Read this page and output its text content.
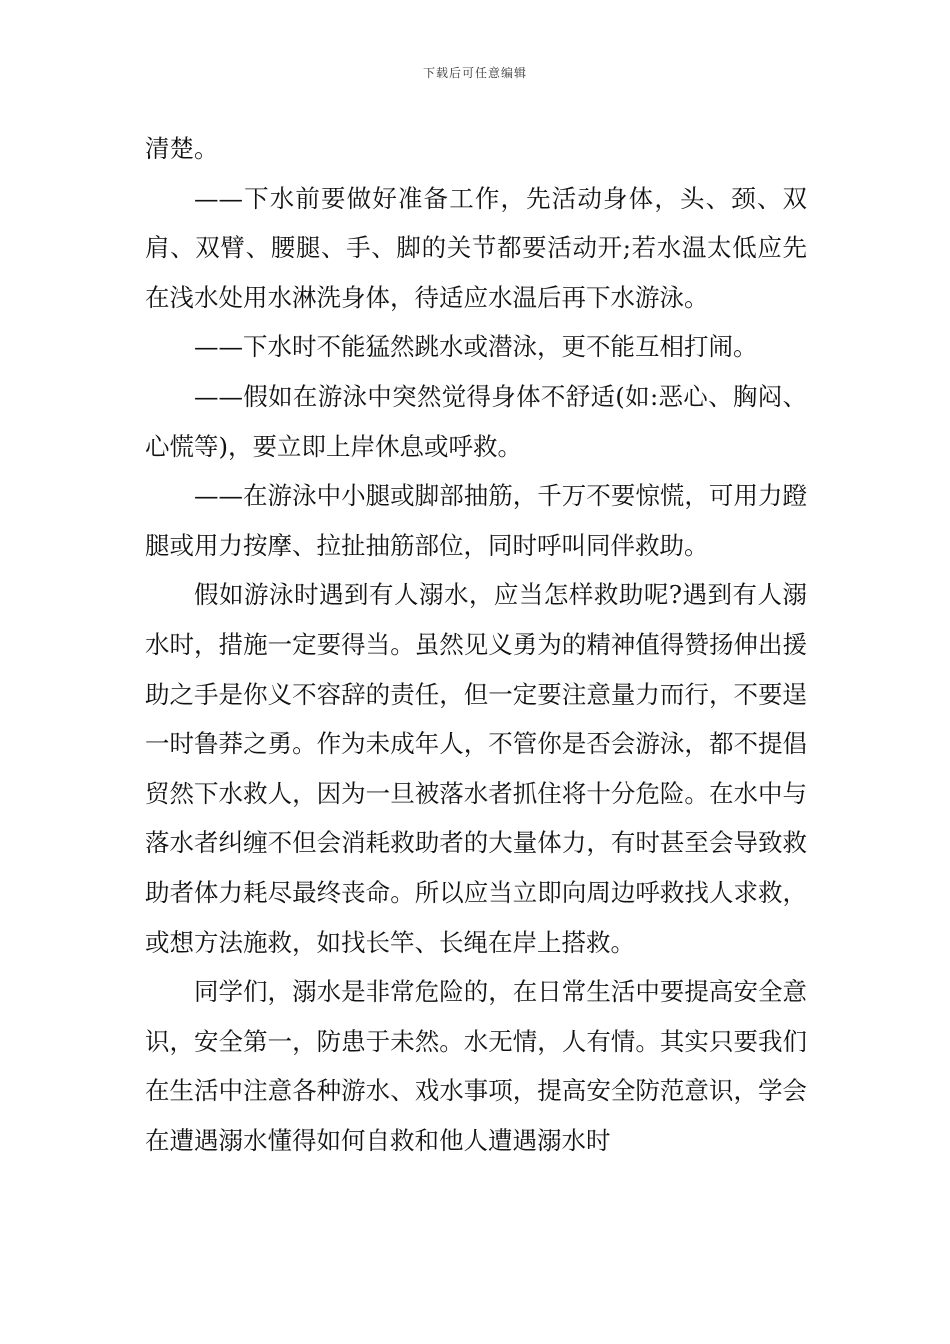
下载后可任意编辑

清楚。

——下水前要做好准备工作，先活动身体，头、颈、双肩、双臂、腰腿、手、脚的关节都要活动开;若水温太低应先在浅水处用水淋洗身体，待适应水温后再下水游泳。

——下水时不能猛然跳水或潜泳，更不能互相打闹。

——假如在游泳中突然觉得身体不舒适(如:恶心、胸闷、心慌等)，要立即上岸休息或呼救。

——在游泳中小腿或脚部抽筋，千万不要惊慌，可用力蹬腿或用力按摩、拉扯抽筋部位，同时呼叫同伴救助。

假如游泳时遇到有人溺水，应当怎样救助呢?遇到有人溺水时，措施一定要得当。虽然见义勇为的精神值得赞扬伸出援助之手是你义不容辞的责任，但一定要注意量力而行，不要逞一时鲁莽之勇。作为未成年人，不管你是否会游泳，都不提倡贸然下水救人，因为一旦被落水者抓住将十分危险。在水中与落水者纠缠不但会消耗救助者的大量体力，有时甚至会导致救助者体力耗尽最终丧命。所以应当立即向周边呼救找人求救，或想方法施救，如找长竿、长绳在岸上搭救。

同学们，溺水是非常危险的，在日常生活中要提高安全意识，安全第一，防患于未然。水无情，人有情。其实只要我们在生活中注意各种游水、戏水事项，提高安全防范意识，学会在遭遇溺水懂得如何自救和他人遭遇溺水时
